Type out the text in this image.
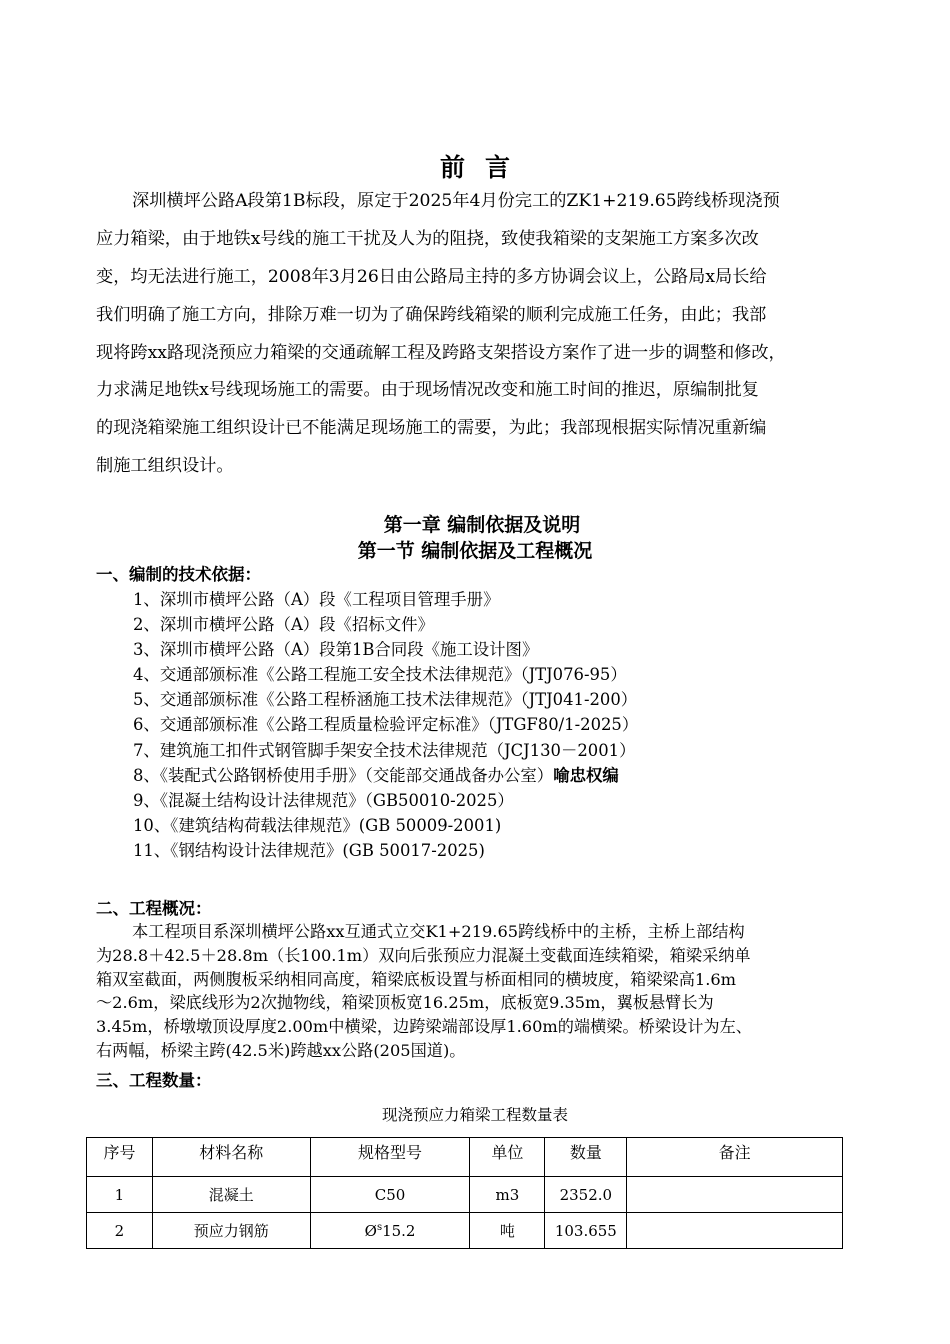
前言
深圳横坪公路A段第1B标段，原定于2025年4月份完工的ZK1+219.65跨线桥现浇预
应力箱梁，由于地铁x号线的施工干扰及人为的阻挠，致使我箱梁的支架施工方案多次改
变，均无法进行施工，2008年3月26日由公路局主持的多方协调会议上，公路局x局长给
我们明确了施工方向，排除万难一切为了确保跨线箱梁的顺利完成施工任务，由此；我部
现将跨xx路现浇预应力箱梁的交通疏解工程及跨路支架搭设方案作了进一步的调整和修改，
力求满足地铁x号线现场施工的需要。由于现场情况改变和施工时间的推迟，原编制批复
的现浇箱梁施工组织设计已不能满足现场施工的需要，为此；我部现根据实际情况重新编
制施工组织设计。
第一章 编制依据及说明
第一节 编制依据及工程概况
一、编制的技术依据：
1、深圳市横坪公路（A）段《工程项目管理手册》
2、深圳市横坪公路（A）段《招标文件》
3、深圳市横坪公路（A）段第1B合同段《施工设计图》
4、交通部颁标准《公路工程施工安全技术法律规范》（JTJ076-95）
5、交通部颁标准《公路工程桥涵施工技术法律规范》（JTJ041-200）
6、交通部颁标准《公路工程质量检验评定标准》（JTGF80/1-2025）
7、建筑施工扣件式钢管脚手架安全技术法律规范（JCJ130－2001）
8、《装配式公路钢桥使用手册》（交能部交通战备办公室）喻忠权编
9、《混凝土结构设计法律规范》（GB50010-2025）
10、《建筑结构荷载法律规范》(GB 50009-2001)
11、《钢结构设计法律规范》(GB 50017-2025)
二、工程概况：
本工程项目系深圳横坪公路xx互通式立交K1+219.65跨线桥中的主桥，主桥上部结构
为28.8＋42.5＋28.8m（长100.1m）双向后张预应力混凝土变截面连续箱梁，箱梁采纳单
箱双室截面，两侧腹板采纳相同高度，箱梁底板设置与桥面相同的横坡度，箱梁梁高1.6m
～2.6m，梁底线形为2次抛物线，箱梁顶板宽16.25m，底板宽9.35m，翼板悬臂长为
3.45m，桥墩墩顶设厚度2.00m中横梁，边跨梁端部设厚1.60m的端横梁。桥梁设计为左、
右两幅，桥梁主跨(42.5米)跨越xx公路(205国道)。
三、工程数量：
现浇预应力箱梁工程数量表
序号	材料名称	规格型号	单位	数量	备注
1	混凝土	C50	m3	2352.0	
2	预应力钢筋	$Ø^s15.2$	吨	103.655	
